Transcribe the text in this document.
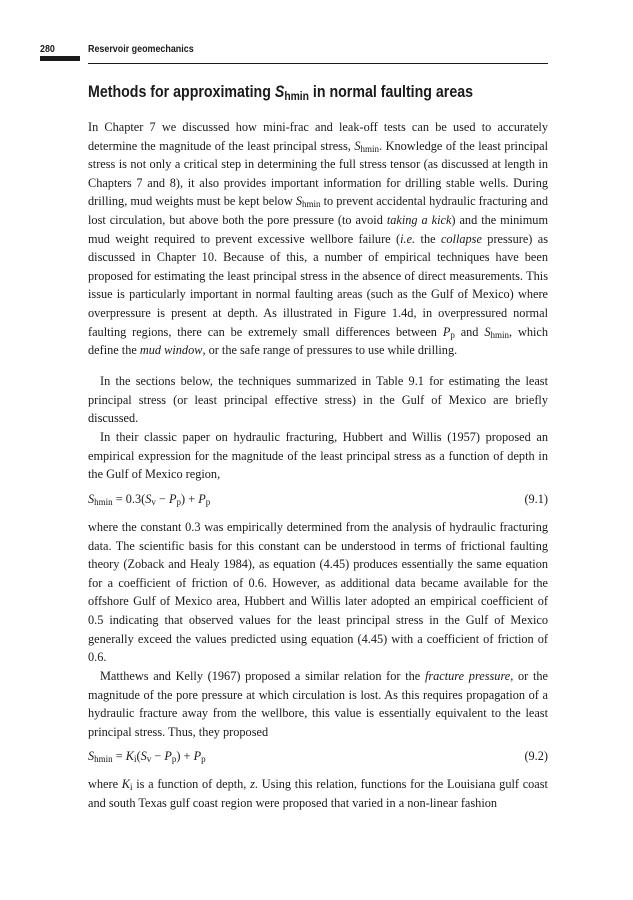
280	Reservoir geomechanics
Methods for approximating $S_{hmin}$ in normal faulting areas

In Chapter 7 we discussed how mini-frac and leak-off tests can be used to accurately determine the magnitude of the least principal stress, $S_{hmin}$. Knowledge of the least principal stress is not only a critical step in determining the full stress tensor (as discussed at length in Chapters 7 and 8), it also provides important information for drilling stable wells. During drilling, mud weights must be kept below $S_{hmin}$ to prevent accidental hydraulic fracturing and lost circulation, but above both the pore pressure (to avoid taking a kick) and the minimum mud weight required to prevent excessive wellbore failure (i.e. the collapse pressure) as discussed in Chapter 10. Because of this, a number of empirical techniques have been proposed for estimating the least principal stress in the absence of direct measurements. This issue is particularly important in normal faulting areas (such as the Gulf of Mexico) where overpressure is present at depth. As illustrated in Figure 1.4d, in overpressured normal faulting regions, there can be extremely small differences between $P_p$ and $S_{hmin}$, which define the mud window, or the safe range of pressures to use while drilling.

In the sections below, the techniques summarized in Table 9.1 for estimating the least principal stress (or least principal effective stress) in the Gulf of Mexico are briefly discussed.

In their classic paper on hydraulic fracturing, Hubbert and Willis (1957) proposed an empirical expression for the magnitude of the least principal stress as a function of depth in the Gulf of Mexico region,

$S_{hmin} = 0.3(S_v - P_p) + P_p$	(9.1)

where the constant 0.3 was empirically determined from the analysis of hydraulic fracturing data. The scientific basis for this constant can be understood in terms of frictional faulting theory (Zoback and Healy 1984), as equation (4.45) produces essentially the same equation for a coefficient of friction of 0.6. However, as additional data became available for the offshore Gulf of Mexico area, Hubbert and Willis later adopted an empirical coefficient of 0.5 indicating that observed values for the least principal stress in the Gulf of Mexico generally exceed the values predicted using equation (4.45) with a coefficient of friction of 0.6.

Matthews and Kelly (1967) proposed a similar relation for the fracture pressure, or the magnitude of the pore pressure at which circulation is lost. As this requires propagation of a hydraulic fracture away from the wellbore, this value is essentially equivalent to the least principal stress. Thus, they proposed

$S_{hmin} = K_i(S_v - P_p) + P_p$	(9.2)

where $K_i$ is a function of depth, z. Using this relation, functions for the Louisiana gulf coast and south Texas gulf coast region were proposed that varied in a non-linear fashion
